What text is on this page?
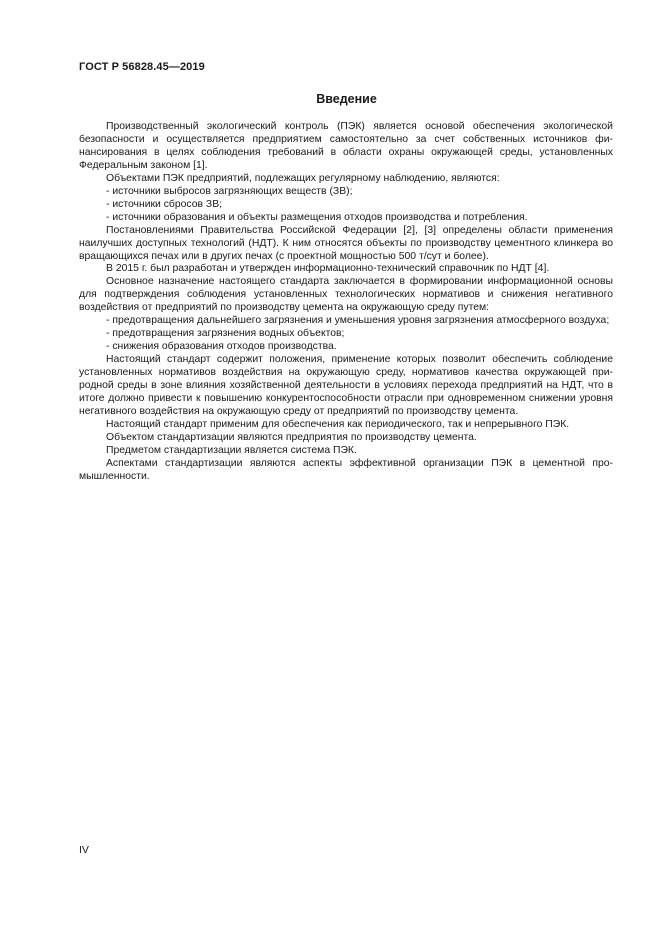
ГОСТ Р 56828.45—2019
Введение

Производственный экологический контроль (ПЭК) является основой обеспечения экологической безопасности и осуществляется предприятием самостоятельно за счет собственных источников финансирования в целях соблюдения требований в области охраны окружающей среды, установленных Федеральным законом [1].

Объектами ПЭК предприятий, подлежащих регулярному наблюдению, являются:

- источники выбросов загрязняющих веществ (ЗВ);

- источники сбросов ЗВ;

- источники образования и объекты размещения отходов производства и потребления.

Постановлениями Правительства Российской Федерации [2], [3] определены области применения наилучших доступных технологий (НДТ). К ним относятся объекты по производству цементного клинкера во вращающихся печах или в других печах (с проектной мощностью 500 т/сут и более).

В 2015 г. был разработан и утвержден информационно-технический справочник по НДТ [4].

Основное назначение настоящего стандарта заключается в формировании информационной основы для подтверждения соблюдения установленных технологических нормативов и снижения негативного воздействия от предприятий по производству цемента на окружающую среду путем:

- предотвращения дальнейшего загрязнения и уменьшения уровня загрязнения атмосферного воздуха;

- предотвращения загрязнения водных объектов;

- снижения образования отходов производства.

Настоящий стандарт содержит положения, применение которых позволит обеспечить соблюдение установленных нормативов воздействия на окружающую среду, нормативов качества окружающей природной среды в зоне влияния хозяйственной деятельности в условиях перехода предприятий на НДТ, что в итоге должно привести к повышению конкурентоспособности отрасли при одновременном снижении уровня негативного воздействия на окружающую среду от предприятий по производству цемента.

Настоящий стандарт применим для обеспечения как периодического, так и непрерывного ПЭК.

Объектом стандартизации являются предприятия по производству цемента.

Предметом стандартизации является система ПЭК.

Аспектами стандартизации являются аспекты эффективной организации ПЭК в цементной промышленности.

IV
